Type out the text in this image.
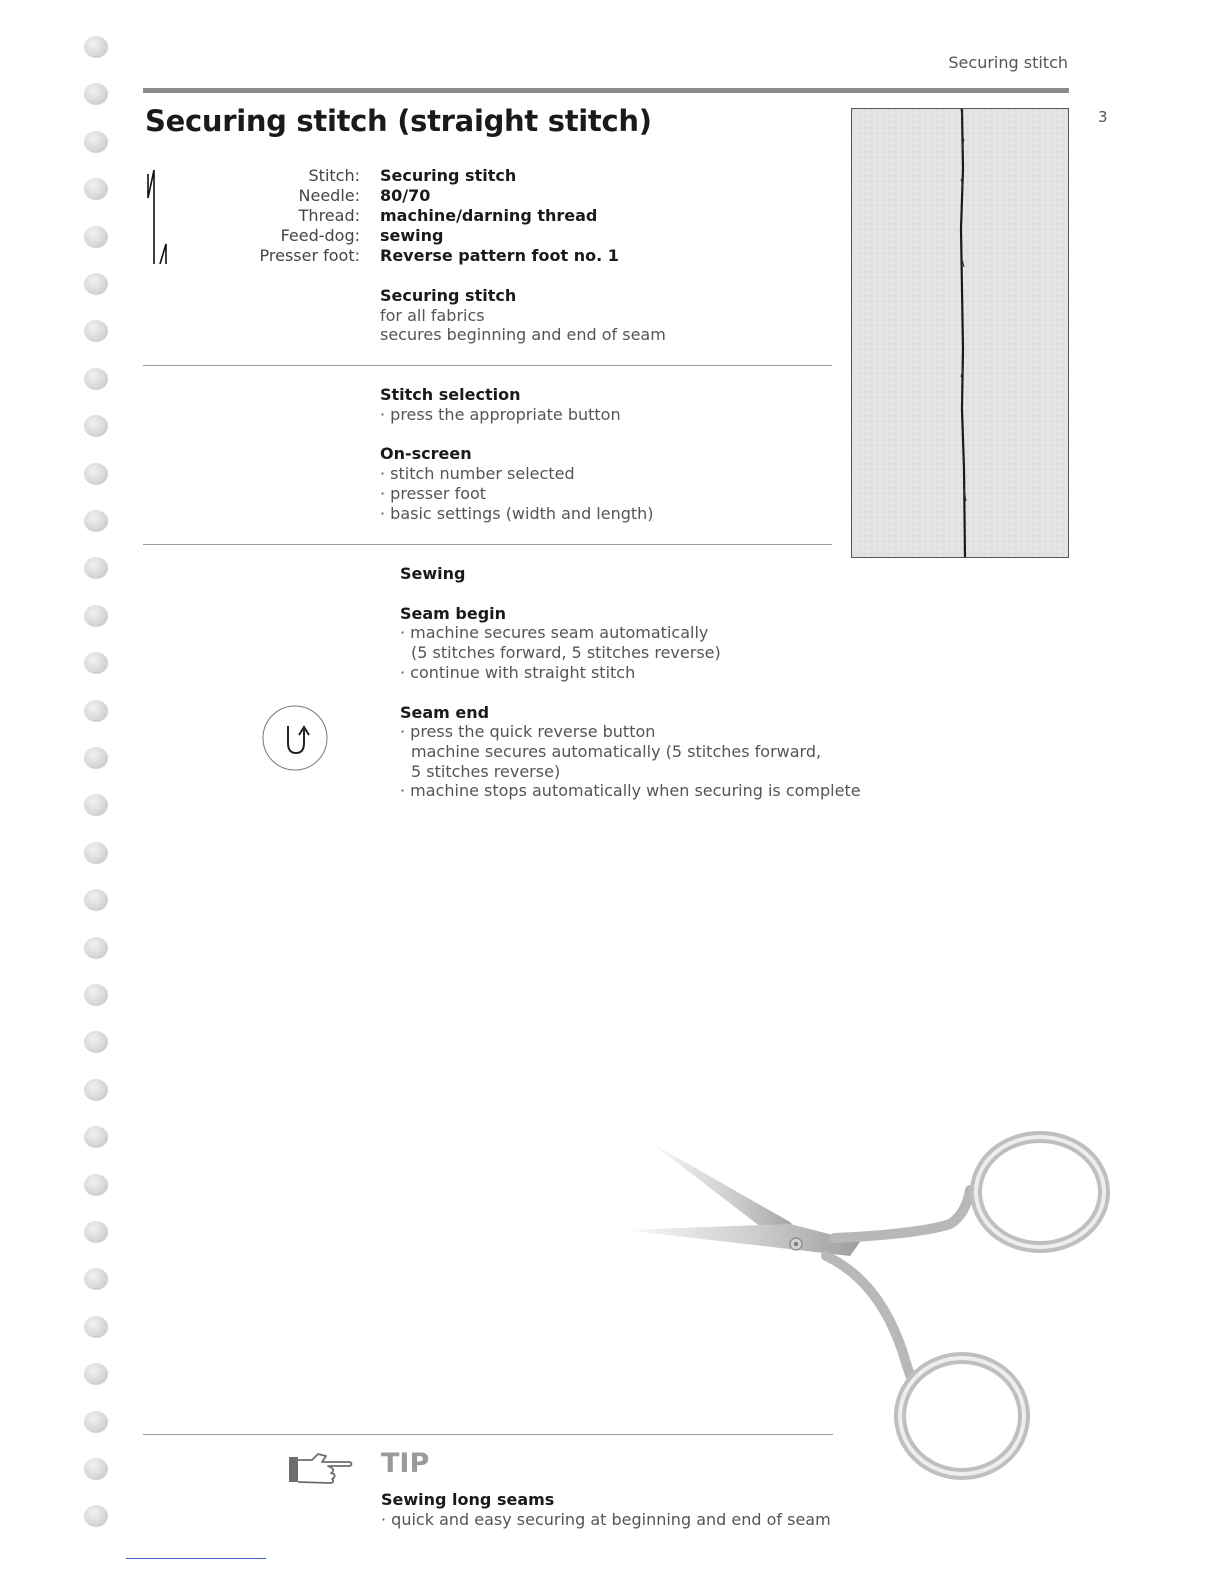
Securing stitch
3
Securing stitch (straight stitch)
Stitch:
Needle:
Thread:
Feed-dog:
Presser foot:
Securing stitch
80/70
machine/darning thread
sewing
Reverse pattern foot no. 1
Securing stitch
for all fabrics
secures beginning and end of seam
Stitch selection
· press the appropriate button
On-screen
· stitch number selected
· presser foot
· basic settings (width and length)
Sewing
Seam begin
· machine secures seam automatically
(5 stitches forward, 5 stitches reverse)
· continue with straight stitch
Seam end
· press the quick reverse button
machine secures automatically (5 stitches forward,
5 stitches reverse)
· machine stops automatically when securing is complete
TIP
Sewing long seams
· quick and easy securing at beginning and end of seam
